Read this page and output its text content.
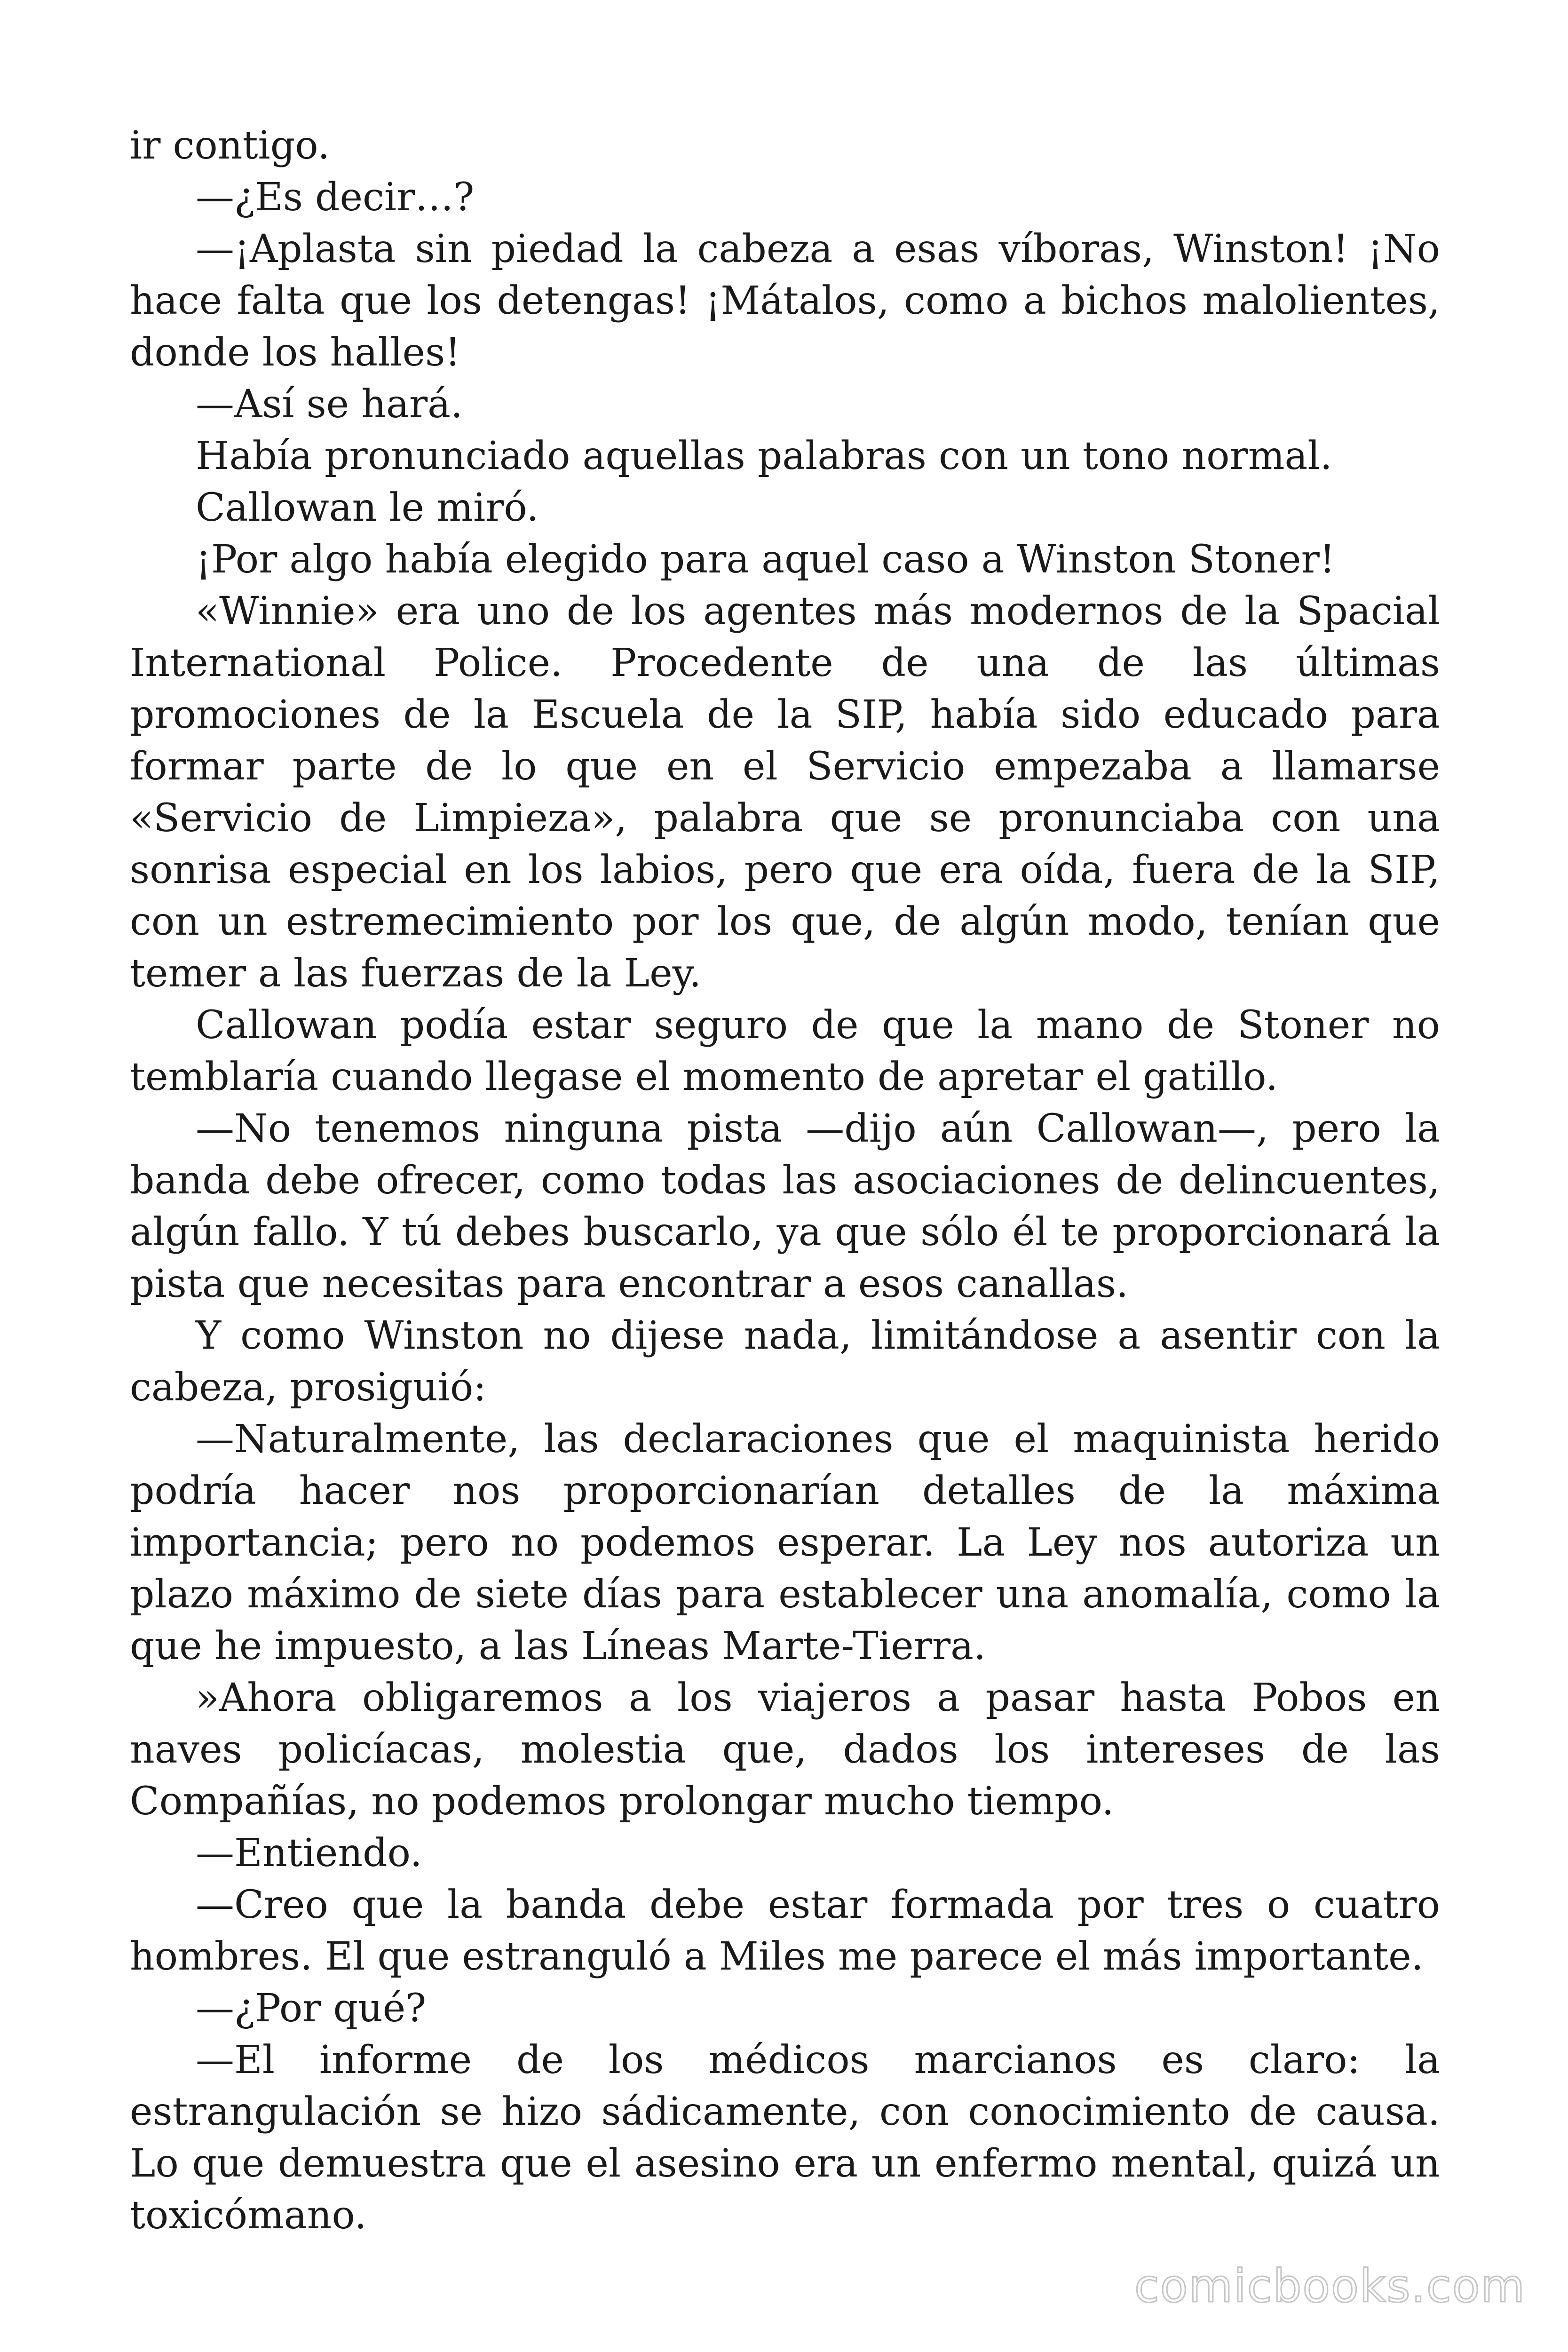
ir contigo.

—¿Es decir…?

—¡Aplasta sin piedad la cabeza a esas víboras, Winston! ¡No hace falta que los detengas! ¡Mátalos, como a bichos malolientes, donde los halles!

—Así se hará.

Había pronunciado aquellas palabras con un tono normal.

Callowan le miró.

¡Por algo había elegido para aquel caso a Winston Stoner!

«Winnie» era uno de los agentes más modernos de la Spacial International Police. Procedente de una de las últimas promociones de la Escuela de la SIP, había sido educado para formar parte de lo que en el Servicio empezaba a llamarse «Servicio de Limpieza», palabra que se pronunciaba con una sonrisa especial en los labios, pero que era oída, fuera de la SIP, con un estremecimiento por los que, de algún modo, tenían que temer a las fuerzas de la Ley.

Callowan podía estar seguro de que la mano de Stoner no temblaría cuando llegase el momento de apretar el gatillo.

—No tenemos ninguna pista —dijo aún Callowan—, pero la banda debe ofrecer, como todas las asociaciones de delincuentes, algún fallo. Y tú debes buscarlo, ya que sólo él te proporcionará la pista que necesitas para encontrar a esos canallas.

Y como Winston no dijese nada, limitándose a asentir con la cabeza, prosiguió:

—Naturalmente, las declaraciones que el maquinista herido podría hacer nos proporcionarían detalles de la máxima importancia; pero no podemos esperar. La Ley nos autoriza un plazo máximo de siete días para establecer una anomalía, como la que he impuesto, a las Líneas Marte-Tierra.

»Ahora obligaremos a los viajeros a pasar hasta Pobos en naves policíacas, molestia que, dados los intereses de las Compañías, no podemos prolongar mucho tiempo.

—Entiendo.

—Creo que la banda debe estar formada por tres o cuatro hombres. El que estranguló a Miles me parece el más importante.

—¿Por qué?

—El informe de los médicos marcianos es claro: la estrangulación se hizo sádicamente, con conocimiento de causa. Lo que demuestra que el asesino era un enfermo mental, quizá un toxicómano.

comicbooks.com
